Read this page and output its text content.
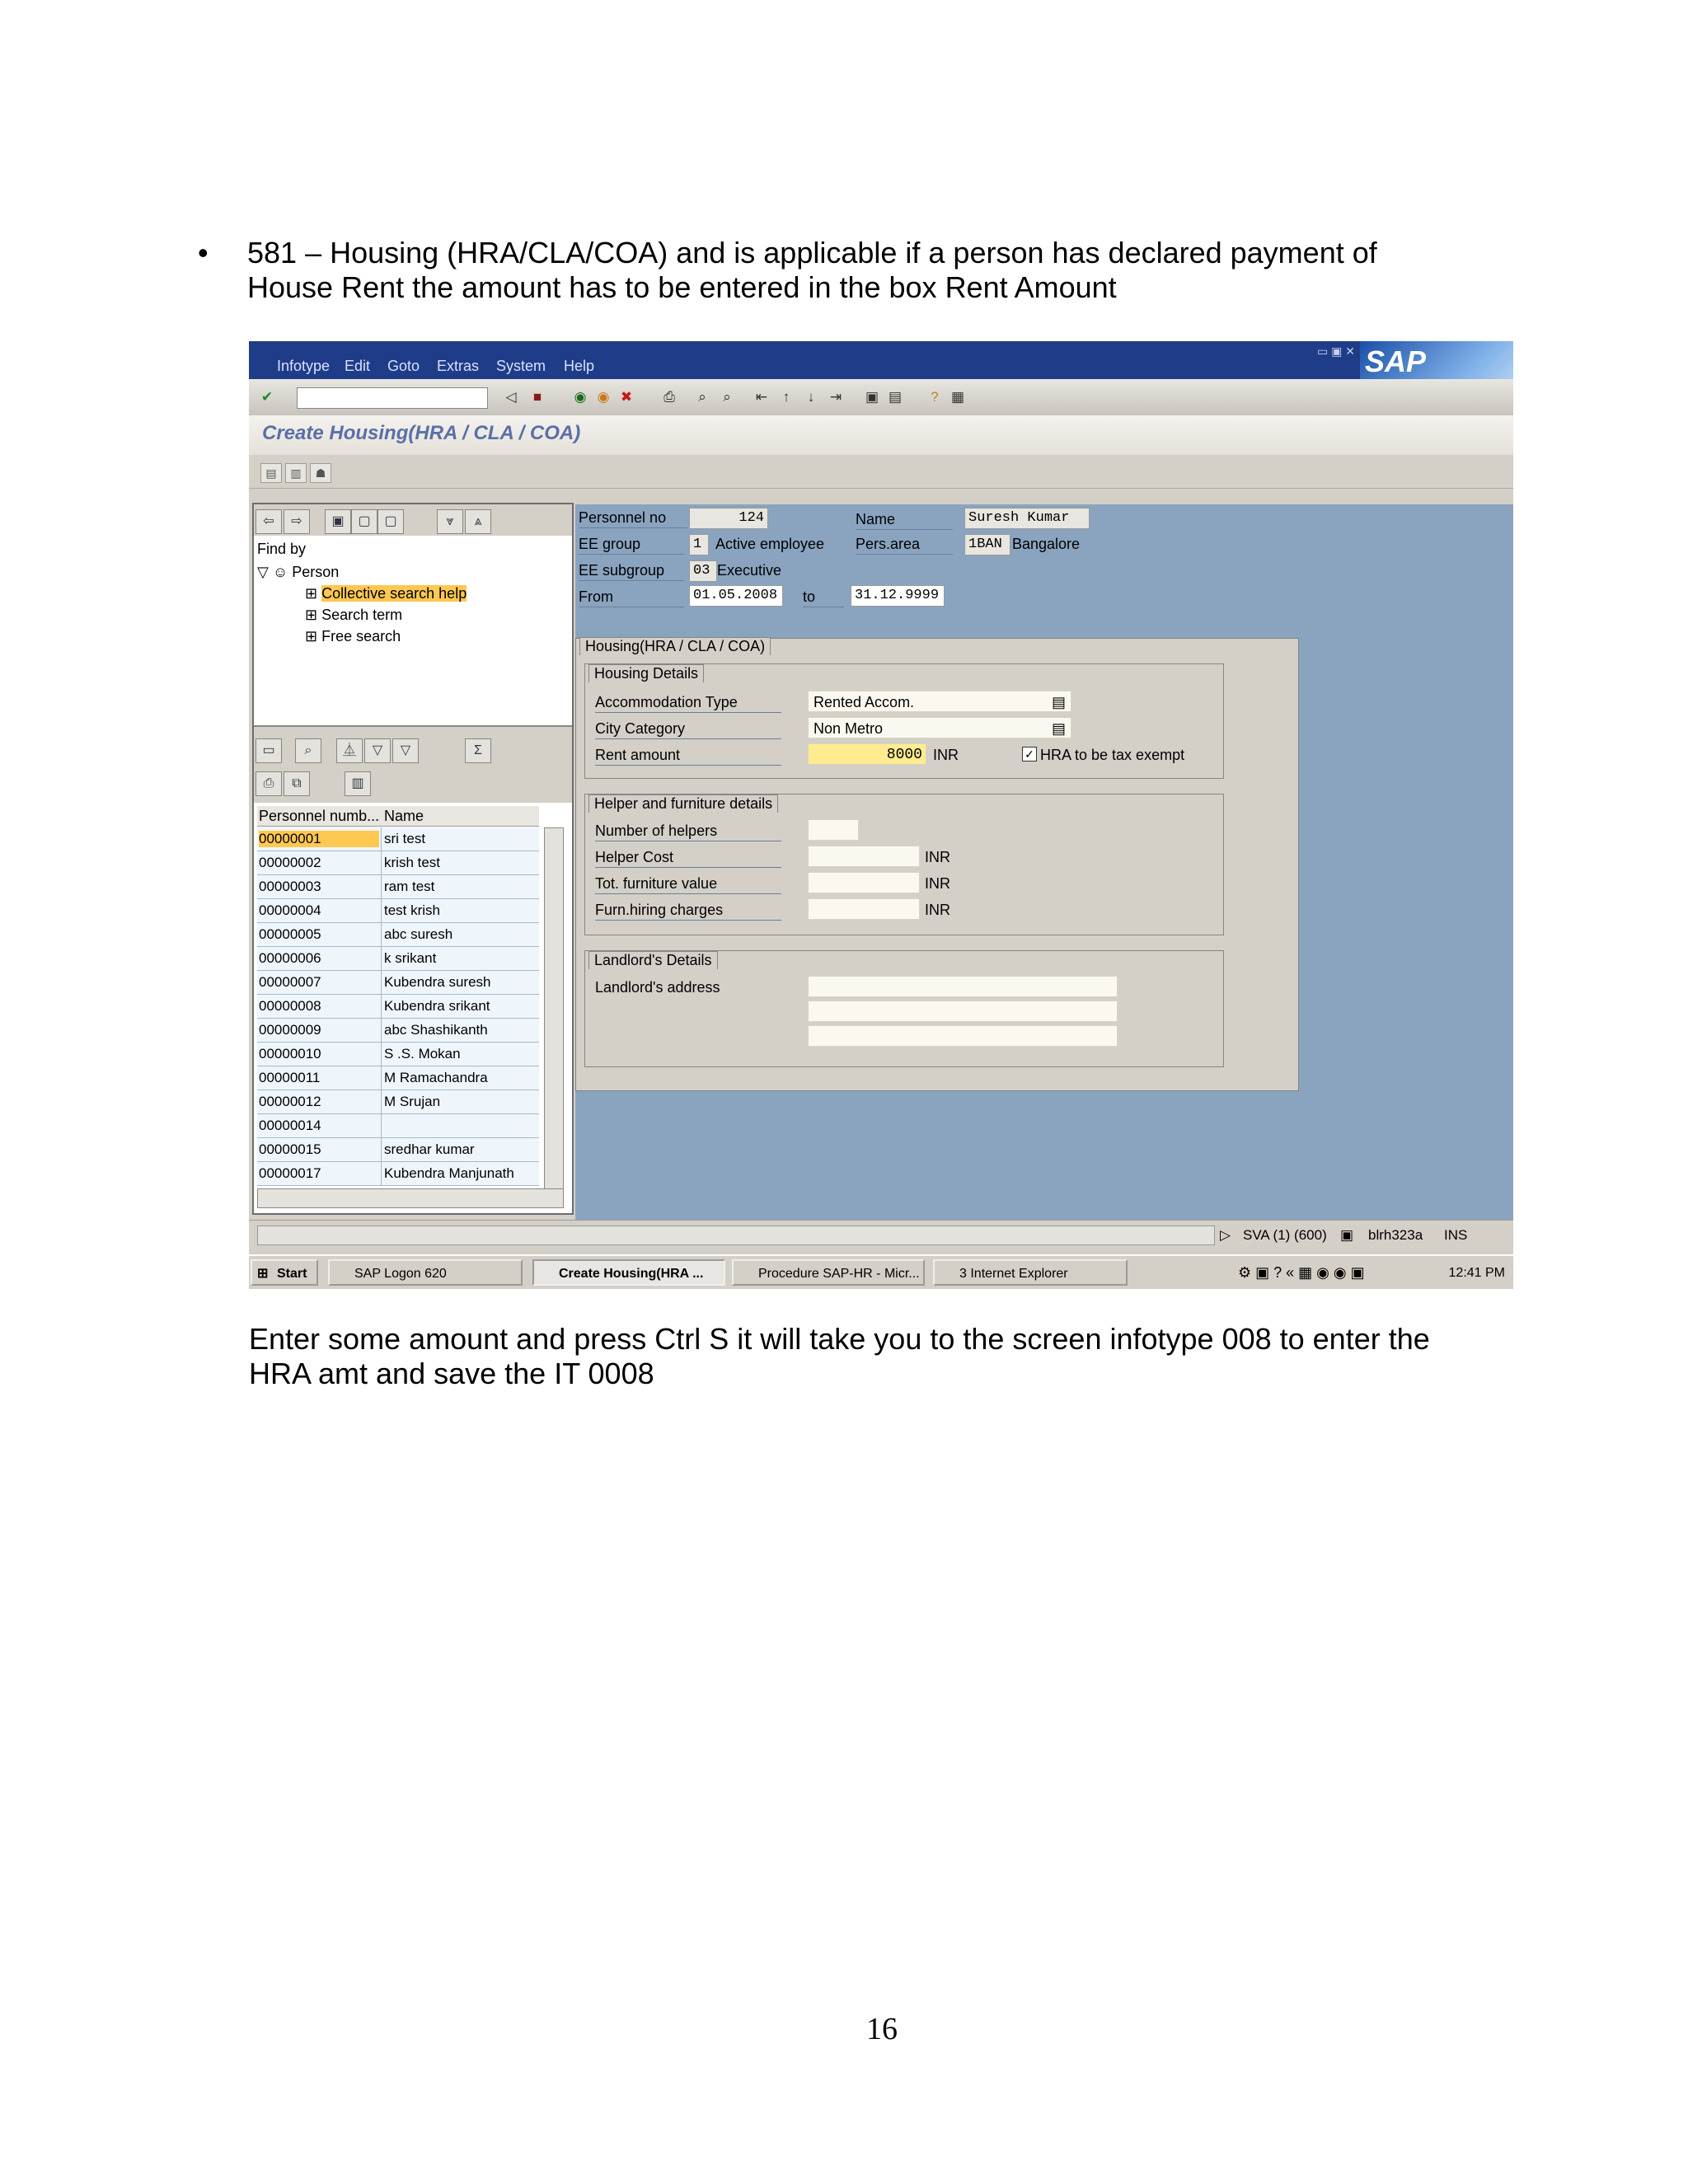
• 581 – Housing (HRA/CLA/COA) and is applicable if a person has declared payment of
House Rent the amount has to be entered in the box Rent Amount
Infotype Edit Goto Extras System Help
▭ ▣ ✕ SAP
✔	◁ ■ ◉ ◉ ✖ ⎙	⌕	⌕	⇤	↑	↓	⇥ ▣ ▤	? ▦
Create Housing(HRA / CLA / COA)
▤	▥	☗
⇦	⇨	▣	▢	▢	⩔	⩓
Find by
▽ ☺ Person
⊞ Collective search help
⊞ Search term
⊞ Free search
▭	⌕	⏅	▽	▽	Σ
⎙	⧉	▥
Personnel numb... Name
00000001	sri test
00000002	krish test
00000003	ram test
00000004	test krish
00000005	abc suresh
00000006	k srikant
00000007	Kubendra suresh
00000008	Kubendra srikant
00000009	abc Shashikanth
00000010	S .S. Mokan
00000011	M Ramachandra
00000012	M Srujan
00000014
00000015	sredhar kumar
00000017	Kubendra Manjunath
Personnel no	124	Name	Suresh Kumar
EE group	1 Active employee Pers.area	1BAN Bangalore
EE subgroup	03 Executive
From	01.05.2008	to	31.12.9999
Housing(HRA / CLA / COA)
Housing Details
Accommodation Type	Rented Accom.	▤
City Category	Non Metro	▤
Rent amount	8000 INR	✓ HRA to be tax exempt
Helper and furniture details
Number of helpers
Helper Cost	INR
Tot. furniture value	INR
Furn.hiring charges	INR
Landlord's Details
Landlord's address
▷ SVA (1) (600) ▣ blrh323a INS
⊞ Start	SAP Logon 620	Create Housing(HRA ...	Procedure SAP-HR - Micr...	3 Internet Explorer	⚙ ▣ ? « ▦ ◉ ◉ ▣	12:41 PM
Enter some amount and press Ctrl S it will take you to the screen infotype 008 to enter the
HRA amt and save the IT 0008
16
